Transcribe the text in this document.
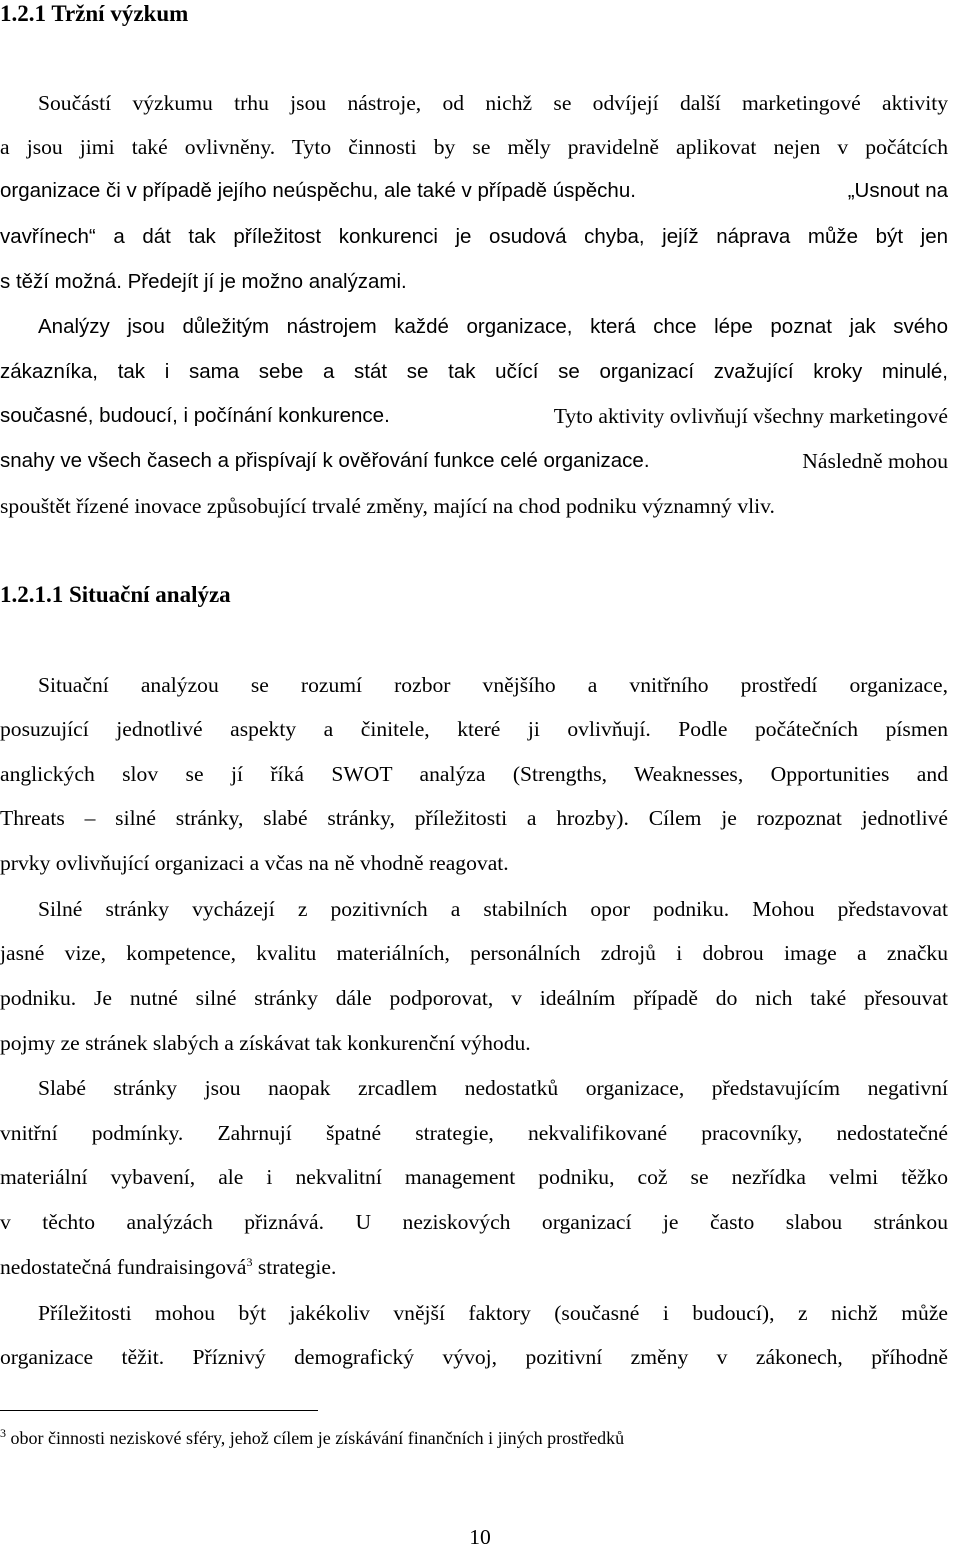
1.2.1 Tržní výzkum
Součástí výzkumu trhu jsou nástroje, od nichž se odvíjejí další marketingové aktivity
a jsou jimi také ovlivněny. Tyto činnosti by se měly pravidelně aplikovat nejen v počátcích
organizace či v případě jejího neúspěchu, ale také v případě úspěchu.	„Usnout na
vavřínech“ a dát tak příležitost konkurenci je osudová chyba, jejíž náprava může být jen
s těží možná. Předejít jí je možno analýzami.
Analýzy jsou důležitým nástrojem každé organizace, která chce lépe poznat jak svého
zákazníka, tak i sama sebe a stát se tak učící se organizací zvažující kroky minulé,
současné, budoucí, i počínání konkurence.	Tyto aktivity ovlivňují všechny marketingové
snahy ve všech časech a přispívají k ověřování funkce celé organizace.	Následně mohou
spouštět řízené inovace způsobující trvalé změny, mající na chod podniku významný vliv.
1.2.1.1 Situační analýza
Situační analýzou se rozumí rozbor vnějšího a vnitřního prostředí organizace,
posuzující jednotlivé aspekty a činitele, které ji ovlivňují. Podle počátečních písmen
anglických slov se jí říká SWOT analýza (Strengths, Weaknesses, Opportunities and
Threats – silné stránky, slabé stránky, příležitosti a hrozby). Cílem je rozpoznat jednotlivé
prvky ovlivňující organizaci a včas na ně vhodně reagovat.
Silné stránky vycházejí z pozitivních a stabilních opor podniku. Mohou představovat
jasné vize, kompetence, kvalitu materiálních, personálních zdrojů i dobrou image a značku
podniku. Je nutné silné stránky dále podporovat, v ideálním případě do nich také přesouvat
pojmy ze stránek slabých a získávat tak konkurenční výhodu.
Slabé stránky jsou naopak zrcadlem nedostatků organizace, představujícím negativní
vnitřní podmínky. Zahrnují špatné strategie, nekvalifikované pracovníky, nedostatečné
materiální vybavení, ale i nekvalitní management podniku, což se nezřídka velmi těžko
v těchto analýzách přiznává. U neziskových organizací je často slabou stránkou
nedostatečná fundraisingová$^3$ strategie.
Příležitosti mohou být jakékoliv vnější faktory (současné i budoucí), z nichž může
organizace těžit. Příznivý demografický vývoj, pozitivní změny v zákonech, příhodně
$^3$ obor činnosti neziskové sféry, jehož cílem je získávání finančních i jiných prostředků
10
